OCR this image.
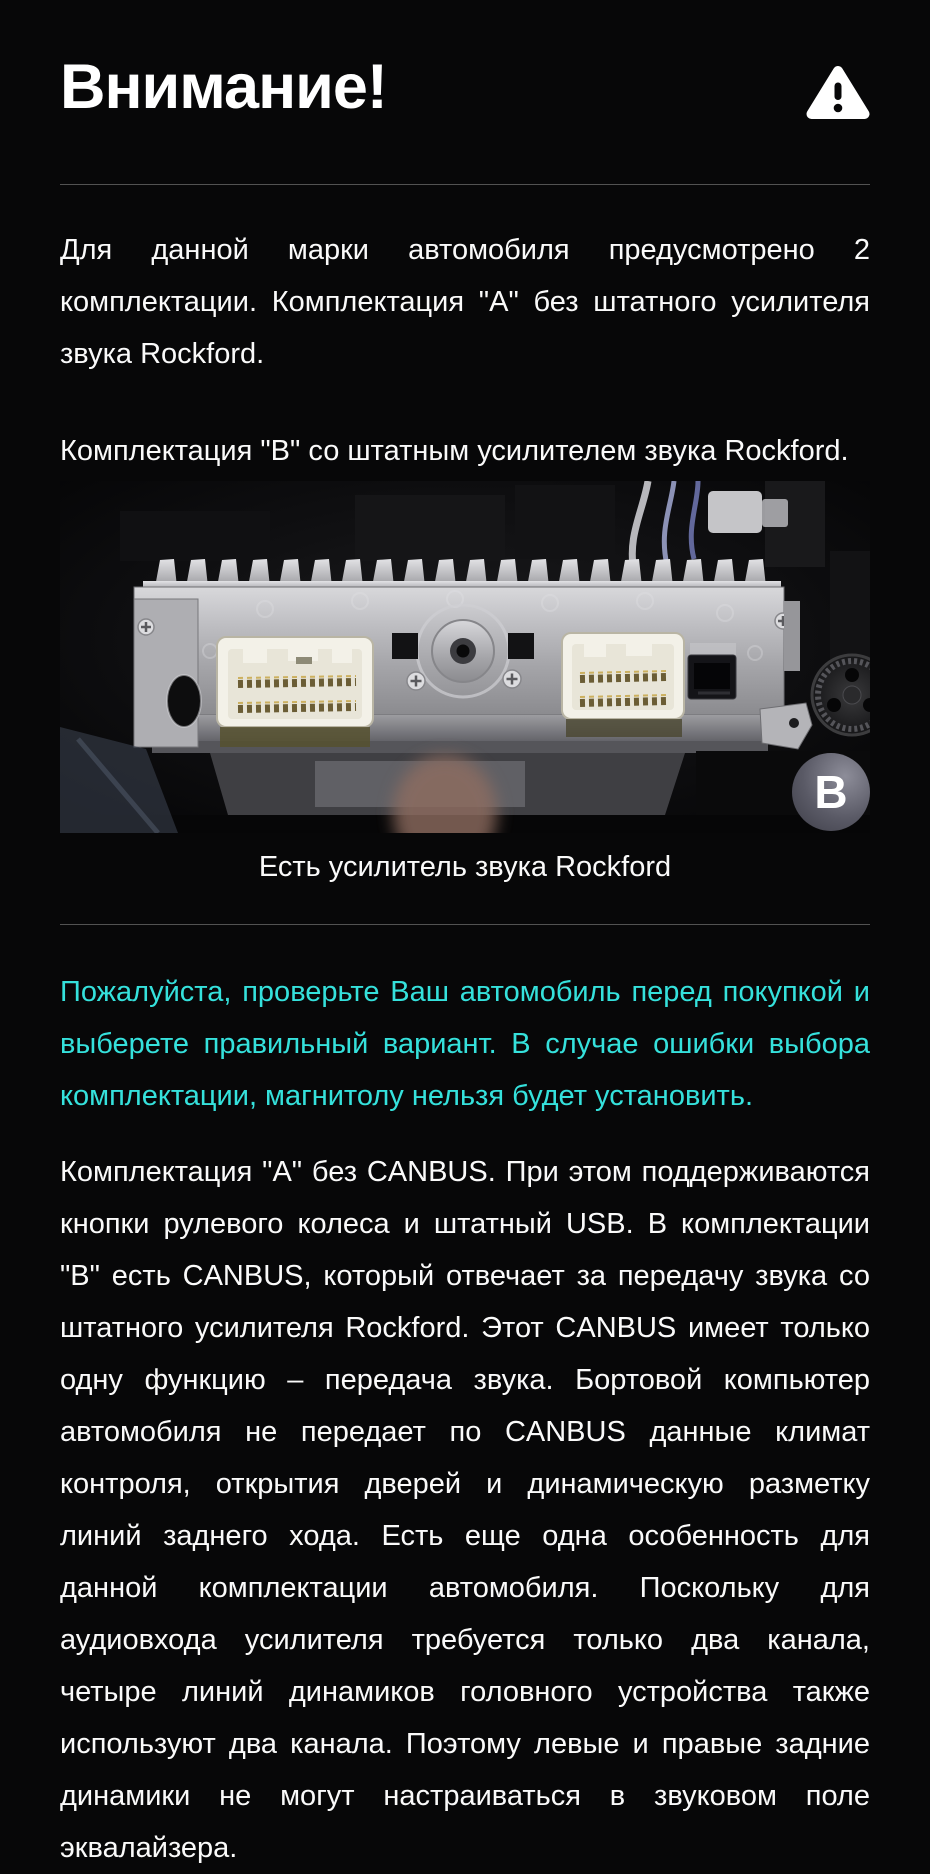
Внимание!

Для данной марки автомобиля предусмотрено 2 комплектации. Комплектация "А" без штатного усилителя звука Rockford.

Комплектация "B" со штатным усилителем звука Rockford.

B
Есть усилитель звука Rockford

Пожалуйста, проверьте Ваш автомобиль перед покупкой и выберете правильный вариант. В случае ошибки выбора комплектации, магнитолу нельзя будет установить.

Комплектация "А" без CANBUS. При этом поддерживаются кнопки рулевого колеса и штатный USB. В комплектации "В" есть CANBUS, который отвечает за передачу звука со штатного усилителя Rockford. Этот CANBUS имеет только одну функцию – передача звука. Бортовой компьютер автомобиля не передает по CANBUS данные климат контроля, открытия дверей и динамическую разметку линий заднего хода. Есть еще одна особенность для данной комплектации автомобиля. Поскольку для аудиовхода усилителя требуется только два канала, четыре линий динамиков головного устройства также используют два канала. Поэтому левые и правые задние динамики не могут настраиваться в звуковом поле эквалайзера.
